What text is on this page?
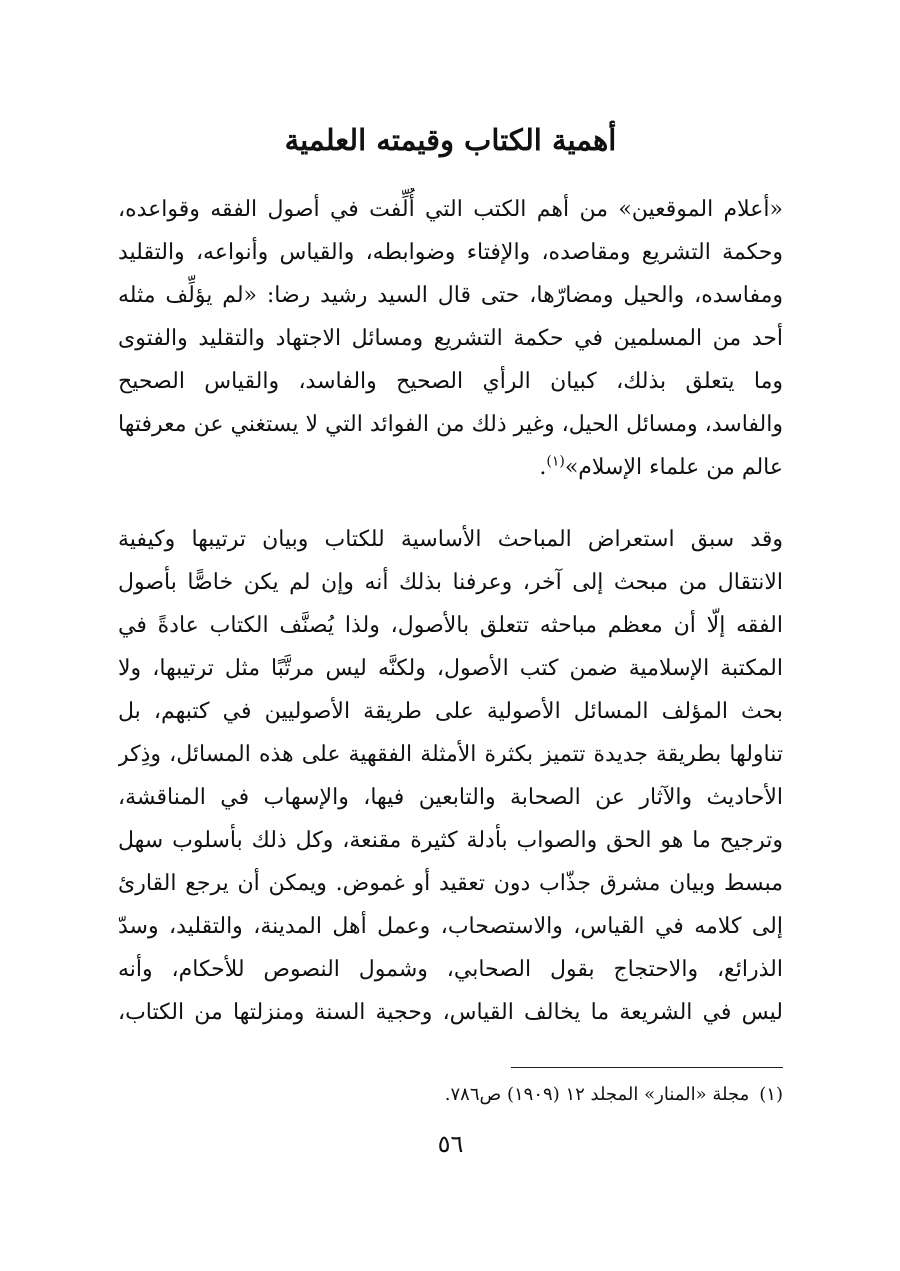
أهمية الكتاب وقيمته العلمية
«أعلام الموقعين» من أهم الكتب التي أُلِّفت في أصول الفقه وقواعده،
وحكمة التشريع ومقاصده، والإفتاء وضوابطه، والقياس وأنواعه، والتقليد
ومفاسده، والحيل ومضارّها، حتى قال السيد رشيد رضا: «لم يؤلِّف مثله
أحد من المسلمين في حكمة التشريع ومسائل الاجتهاد والتقليد والفتوى
وما يتعلق بذلك، كبيان الرأي الصحيح والفاسد، والقياس الصحيح
والفاسد، ومسائل الحيل، وغير ذلك من الفوائد التي لا يستغني عن معرفتها
عالم من علماء الإسلام»$^{(١)}$.
وقد سبق استعراض المباحث الأساسية للكتاب وبيان ترتيبها وكيفية
الانتقال من مبحث إلى آخر، وعرفنا بذلك أنه وإن لم يكن خاصًّا بأصول
الفقه إلّا أن معظم مباحثه تتعلق بالأصول، ولذا يُصنَّف الكتاب عادةً في
المكتبة الإسلامية ضمن كتب الأصول، ولكنَّه ليس مرتَّبًا مثل ترتيبها، ولا
بحث المؤلف المسائل الأصولية على طريقة الأصوليين في كتبهم، بل
تناولها بطريقة جديدة تتميز بكثرة الأمثلة الفقهية على هذه المسائل، وذِكر
الأحاديث والآثار عن الصحابة والتابعين فيها، والإسهاب في المناقشة،
وترجيح ما هو الحق والصواب بأدلة كثيرة مقنعة، وكل ذلك بأسلوب سهل
مبسط وبيان مشرق جذّاب دون تعقيد أو غموض. ويمكن أن يرجع القارئ
إلى كلامه في القياس، والاستصحاب، وعمل أهل المدينة، والتقليد، وسدّ
الذرائع، والاحتجاج بقول الصحابي، وشمول النصوص للأحكام، وأنه
ليس في الشريعة ما يخالف القياس، وحجية السنة ومنزلتها من الكتاب،
(١)مجلة «المنار» المجلد ١٢ (١٩٠٩) ص٧٨٦.
٥٦
